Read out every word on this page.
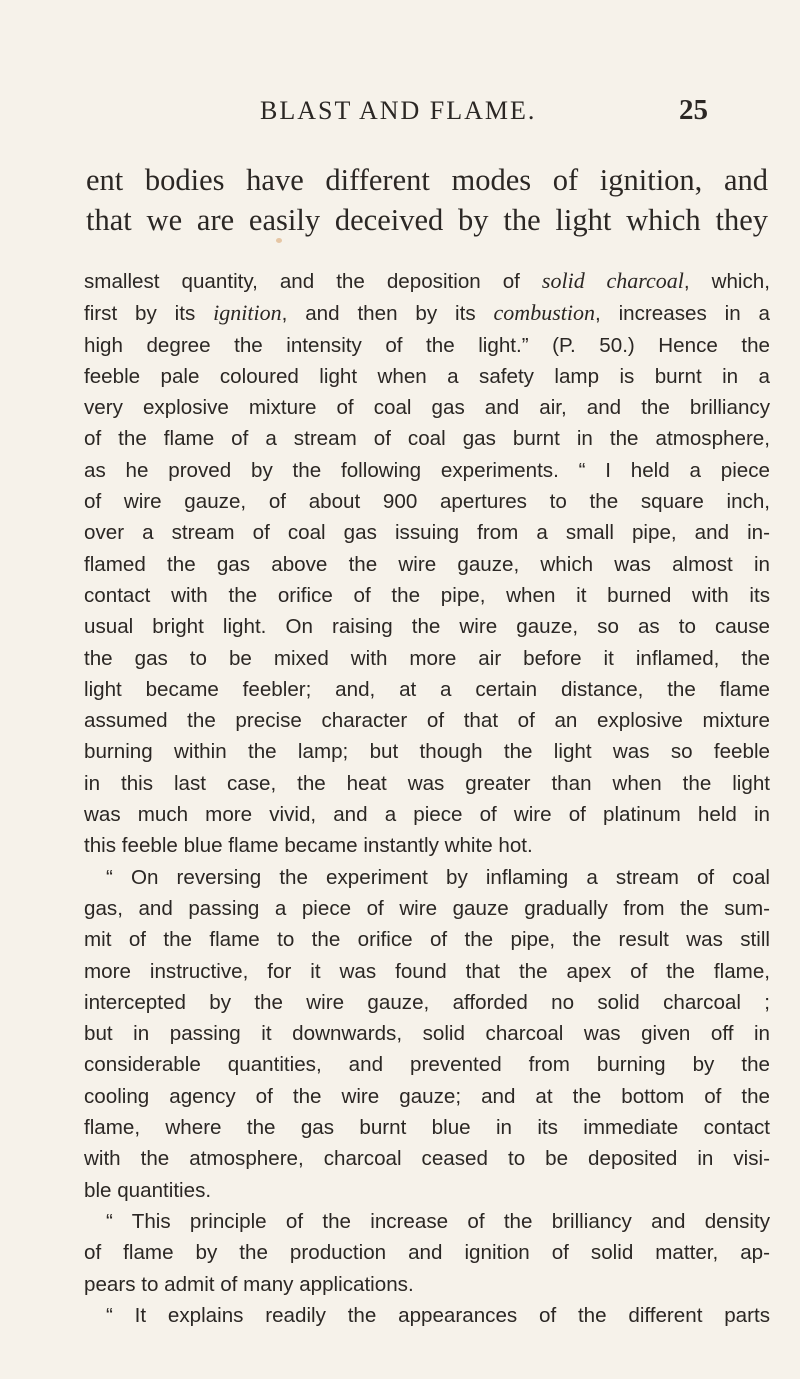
BLAST AND FLAME.	25
ent bodies have different modes of ignition, and
that we are easily deceived by the light which they
smallest quantity, and the deposition of solid charcoal, which,
first by its ignition, and then by its combustion, increases in a
high degree the intensity of the light.” (P. 50.) Hence the
feeble pale coloured light when a safety lamp is burnt in a
very explosive mixture of coal gas and air, and the brilliancy
of the flame of a stream of coal gas burnt in the atmosphere,
as he proved by the following experiments. “ I held a piece
of wire gauze, of about 900 apertures to the square inch,
over a stream of coal gas issuing from a small pipe, and in-
flamed the gas above the wire gauze, which was almost in
contact with the orifice of the pipe, when it burned with its
usual bright light. On raising the wire gauze, so as to cause
the gas to be mixed with more air before it inflamed, the
light became feebler; and, at a certain distance, the flame
assumed the precise character of that of an explosive mixture
burning within the lamp; but though the light was so feeble
in this last case, the heat was greater than when the light
was much more vivid, and a piece of wire of platinum held in
this feeble blue flame became instantly white hot.
“ On reversing the experiment by inflaming a stream of coal
gas, and passing a piece of wire gauze gradually from the sum-
mit of the flame to the orifice of the pipe, the result was still
more instructive, for it was found that the apex of the flame,
intercepted by the wire gauze, afforded no solid charcoal ;
but in passing it downwards, solid charcoal was given off in
considerable quantities, and prevented from burning by the
cooling agency of the wire gauze; and at the bottom of the
flame, where the gas burnt blue in its immediate contact
with the atmosphere, charcoal ceased to be deposited in visi-
ble quantities.
“ This principle of the increase of the brilliancy and density
of flame by the production and ignition of solid matter, ap-
pears to admit of many applications.
“ It explains readily the appearances of the different parts
